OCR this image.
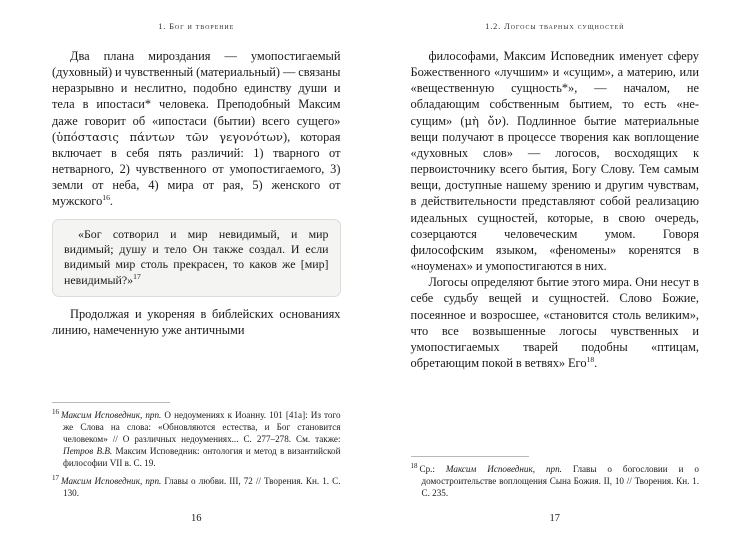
1. Бог и творение

Два плана мироздания — умопостигаемый (духовный) и чувственный (материальный) — связаны неразрывно и неслитно, подобно единству души и тела в ипостаси* человека. Преподобный Максим даже говорит об «ипостаси (бытии) всего сущего» (ὑπόστασις πάντων τῶν γεγονότων), которая включает в себя пять различий: 1) тварного от нетварного, 2) чувственного от умопостигаемого, 3) земли от неба, 4) мира от рая, 5) женского от мужского$^{16}$.

«Бог сотворил и мир невидимый, и мир видимый; душу и тело Он также создал. И если видимый мир столь прекрасен, то каков же [мир] невидимый?»$^{17}$

Продолжая и укореняя в библейских основаниях линию, намеченную уже античными

$^{16}$ Максим Исповедник, прп. О недоумениях к Иоанну. 101 [41а]: Из того же Слова на слова: «Обновляются естества, и Бог становится человеком» // О различных недоумениях... С. 277–278. См. также: Петров В.В. Максим Исповедник: онтология и метод в византийской философии VII в. С. 19.

$^{17}$ Максим Исповедник, прп. Главы о любви. III, 72 // Творения. Кн. 1. С. 130.

16
1.2. Логосы тварных сущностей

философами, Максим Исповедник именует сферу Божественного «лучшим» и «сущим», а материю, или «вещественную сущность*», — началом, не обладающим собственным бытием, то есть «не-сущим» (μὴ ὄν). Подлинное бытие материальные вещи получают в процессе творения как воплощение «духовных слов» — логосов, восходящих к первоисточнику всего бытия, Богу Слову. Тем самым вещи, доступные нашему зрению и другим чувствам, в действительности представляют собой реализацию идеальных сущностей, которые, в свою очередь, созерцаются человеческим умом. Говоря философским языком, «феномены» коренятся в «ноуменах» и умопостигаются в них.

Логосы определяют бытие этого мира. Они несут в себе судьбу вещей и сущностей. Слово Божие, посеянное и возросшее, «становится столь великим», что все возвышенные логосы чувственных и умопостигаемых тварей подобны «птицам, обретающим покой в ветвях» Его$^{18}$.

$^{18}$ Ср.: Максим Исповедник, прп. Главы о богословии и о домостроительстве воплощения Сына Божия. II, 10 // Творения. Кн. 1. С. 235.

17
